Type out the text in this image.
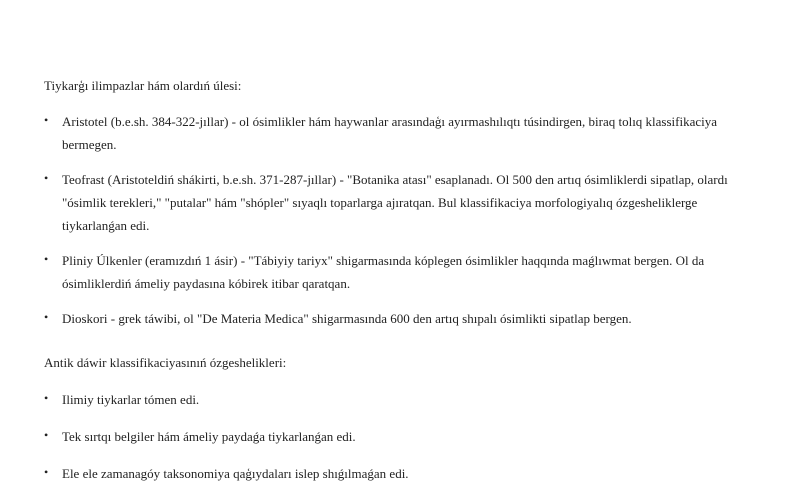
Tiykarģı ilimpazlar hám olardıń úlesi:

• Aristotel (b.e.sh. 384-322-jıllar) - ol ósimlikler hám haywanlar arasındaģı ayırmashılıqtı túsindirgen, biraq tolıq klassifikaciya bermegen.
• Teofrast (Aristoteldiń shákirti, b.e.sh. 371-287-jıllar) - "Botanika atası" esaplanadı. Ol 500 den artıq ósimliklerdi sipatlap, olardı "ósimlik terekleri," "putalar" hám "shópler" sıyaqlı toparlarga ajıratqan. Bul klassifikaciya morfologiyalıq ózgesheliklerge tiykarlanǵan edi.
• Pliniy Úlkenler (eramızdıń 1 ásir) - "Tábiyiy tariyx" shigarmasında kóplegen ósimlikler haqqında maǵlıwmat bergen. Ol da ósimliklerdiń ámeliy paydasına kóbirek itibar qaratqan.
• Dioskori - grek táwibi, ol "De Materia Medica" shigarmasında 600 den artıq shıpalı ósimlikti sipatlap bergen.

Antik dáwir klassifikaciyasınıń ózgeshelikleri:

• Ilimiy tiykarlar tómen edi.
• Tek sırtqı belgiler hám ámeliy paydaǵa tiykarlanǵan edi.
• Ele ele zamanagóy taksonomiya qaģıydaları islep shıǵılmaǵan edi.
